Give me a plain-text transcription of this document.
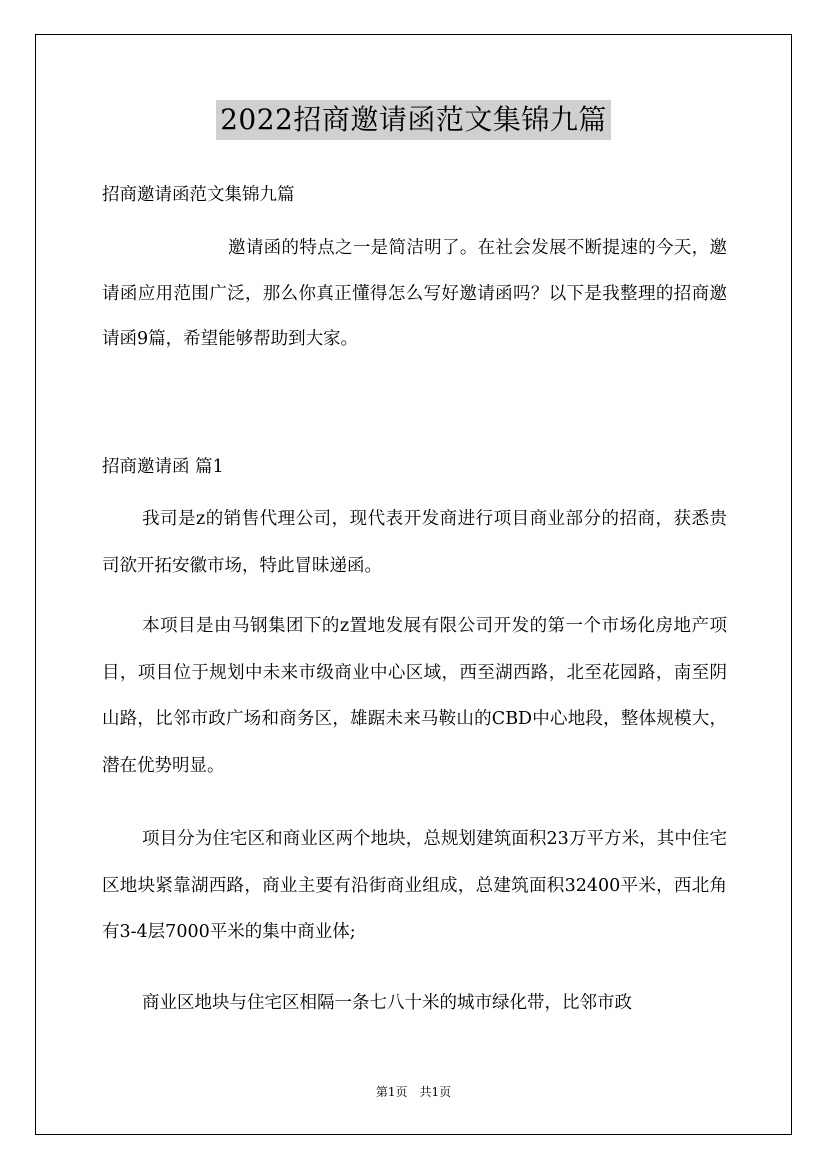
2022招商邀请函范文集锦九篇

招商邀请函范文集锦九篇

邀请函的特点之一是简洁明了。在社会发展不断提速的今天，邀请函应用范围广泛，那么你真正懂得怎么写好邀请函吗？以下是我整理的招商邀请函9篇，希望能够帮助到大家。

招商邀请函 篇1

我司是z的销售代理公司，现代表开发商进行项目商业部分的招商，获悉贵司欲开拓安徽市场，特此冒昧递函。

本项目是由马钢集团下的z置地发展有限公司开发的第一个市场化房地产项目，项目位于规划中未来市级商业中心区域，西至湖西路，北至花园路，南至阴山路，比邻市政广场和商务区，雄踞未来马鞍山的CBD中心地段，整体规模大，潜在优势明显。

项目分为住宅区和商业区两个地块，总规划建筑面积23万平方米，其中住宅区地块紧靠湖西路，商业主要有沿街商业组成，总建筑面积32400平米，西北角有3-4层7000平米的集中商业体;

商业区地块与住宅区相隔一条七八十米的城市绿化带，比邻市政

第1页　共1页
